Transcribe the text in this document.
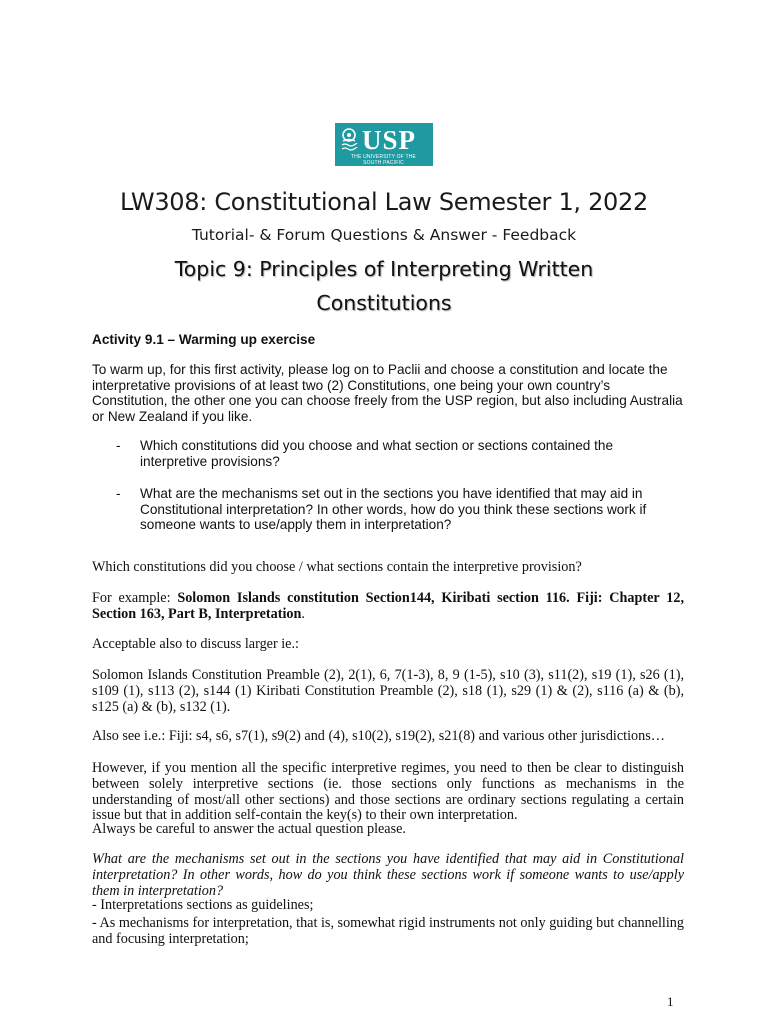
USP
THE UNIVERSITY OF THE
SOUTH PACIFIC
LW308: Constitutional Law Semester 1, 2022
Tutorial- & Forum Questions & Answer - Feedback
Topic 9: Principles of Interpreting Written Constitutions
Activity 9.1 – Warming up exercise
To warm up, for this first activity, please log on to Paclii and choose a constitution and locate the interpretative provisions of at least two (2) Constitutions, one being your own country’s Constitution, the other one you can choose freely from the USP region, but also including Australia or New Zealand if you like.
-	Which constitutions did you choose and what section or sections contained the interpretive provisions?
-	What are the mechanisms set out in the sections you have identified that may aid in Constitutional interpretation? In other words, how do you think these sections work if someone wants to use/apply them in interpretation?
Which constitutions did you choose / what sections contain the interpretive provision?
For example: Solomon Islands constitution Section144, Kiribati section 116. Fiji: Chapter 12, Section 163, Part B, Interpretation.
Acceptable also to discuss larger ie.:
Solomon Islands Constitution Preamble (2), 2(1), 6, 7(1-3), 8, 9 (1-5), s10 (3), s11(2), s19 (1), s26 (1), s109 (1), s113 (2), s144 (1) Kiribati Constitution Preamble (2), s18 (1), s29 (1) & (2), s116 (a) & (b), s125 (a) & (b), s132 (1).
Also see i.e.: Fiji: s4, s6, s7(1), s9(2) and (4), s10(2), s19(2), s21(8) and various other jurisdictions…
However, if you mention all the specific interpretive regimes, you need to then be clear to distinguish between solely interpretive sections (ie. those sections only functions as mechanisms in the understanding of most/all other sections) and those sections are ordinary sections regulating a certain issue but that in addition self-contain the key(s) to their own interpretation.
Always be careful to answer the actual question please.
What are the mechanisms set out in the sections you have identified that may aid in Constitutional interpretation? In other words, how do you think these sections work if someone wants to use/apply them in interpretation?
- Interpretations sections as guidelines;
- As mechanisms for interpretation, that is, somewhat rigid instruments not only guiding but channelling and focusing interpretation;
1
